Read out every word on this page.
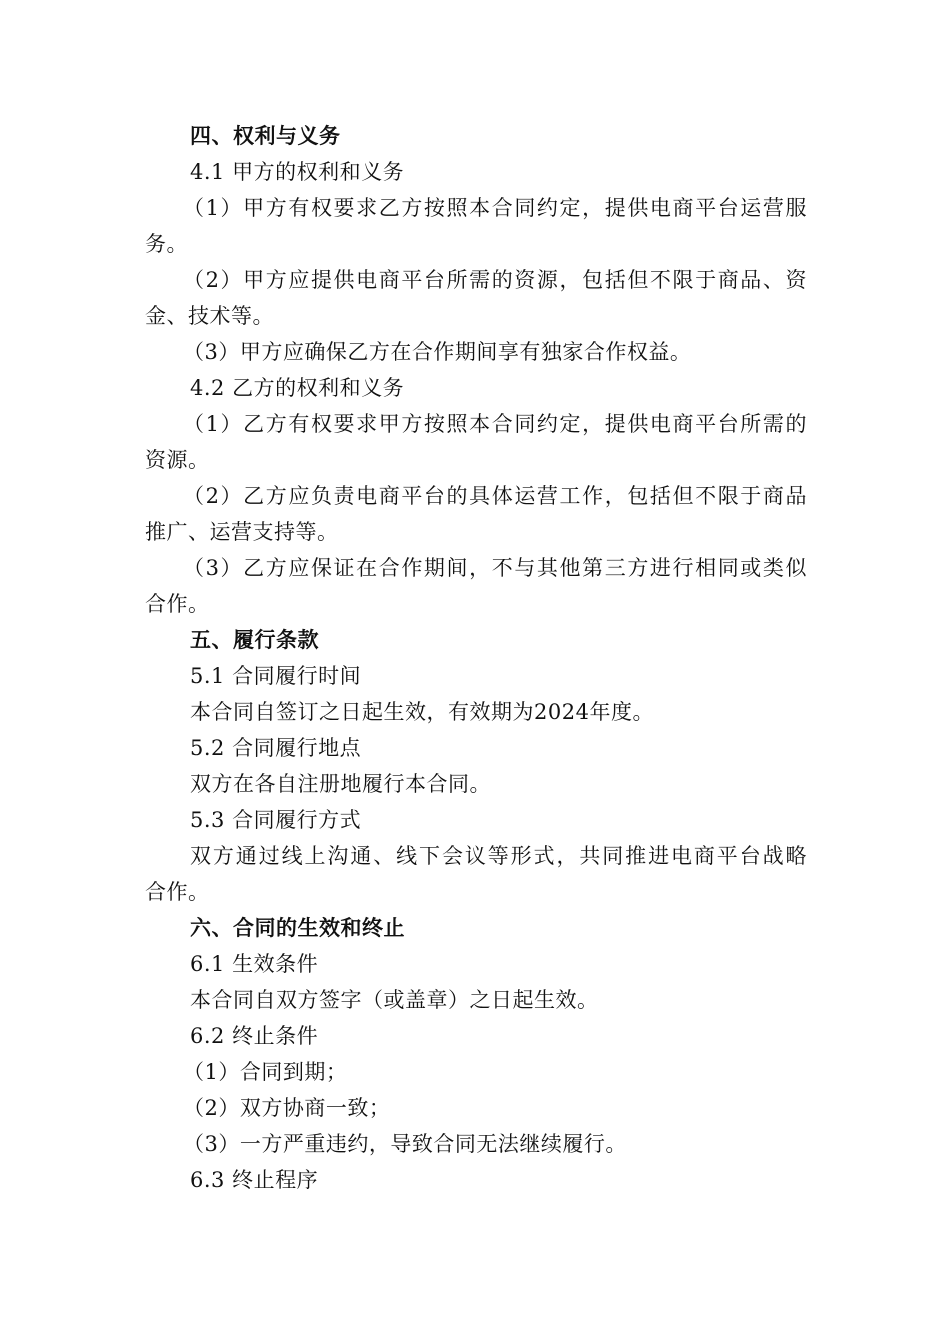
四、权利与义务
4.1 甲方的权利和义务
（1）甲方有权要求乙方按照本合同约定，提供电商平台运营服
务。
（2）甲方应提供电商平台所需的资源，包括但不限于商品、资
金、技术等。
（3）甲方应确保乙方在合作期间享有独家合作权益。
4.2 乙方的权利和义务
（1）乙方有权要求甲方按照本合同约定，提供电商平台所需的
资源。
（2）乙方应负责电商平台的具体运营工作，包括但不限于商品
推广、运营支持等。
（3）乙方应保证在合作期间，不与其他第三方进行相同或类似
合作。
五、履行条款
5.1 合同履行时间
本合同自签订之日起生效，有效期为2024年度。
5.2 合同履行地点
双方在各自注册地履行本合同。
5.3 合同履行方式
双方通过线上沟通、线下会议等形式，共同推进电商平台战略
合作。
六、合同的生效和终止
6.1 生效条件
本合同自双方签字（或盖章）之日起生效。
6.2 终止条件
（1）合同到期；
（2）双方协商一致；
（3）一方严重违约，导致合同无法继续履行。
6.3 终止程序
